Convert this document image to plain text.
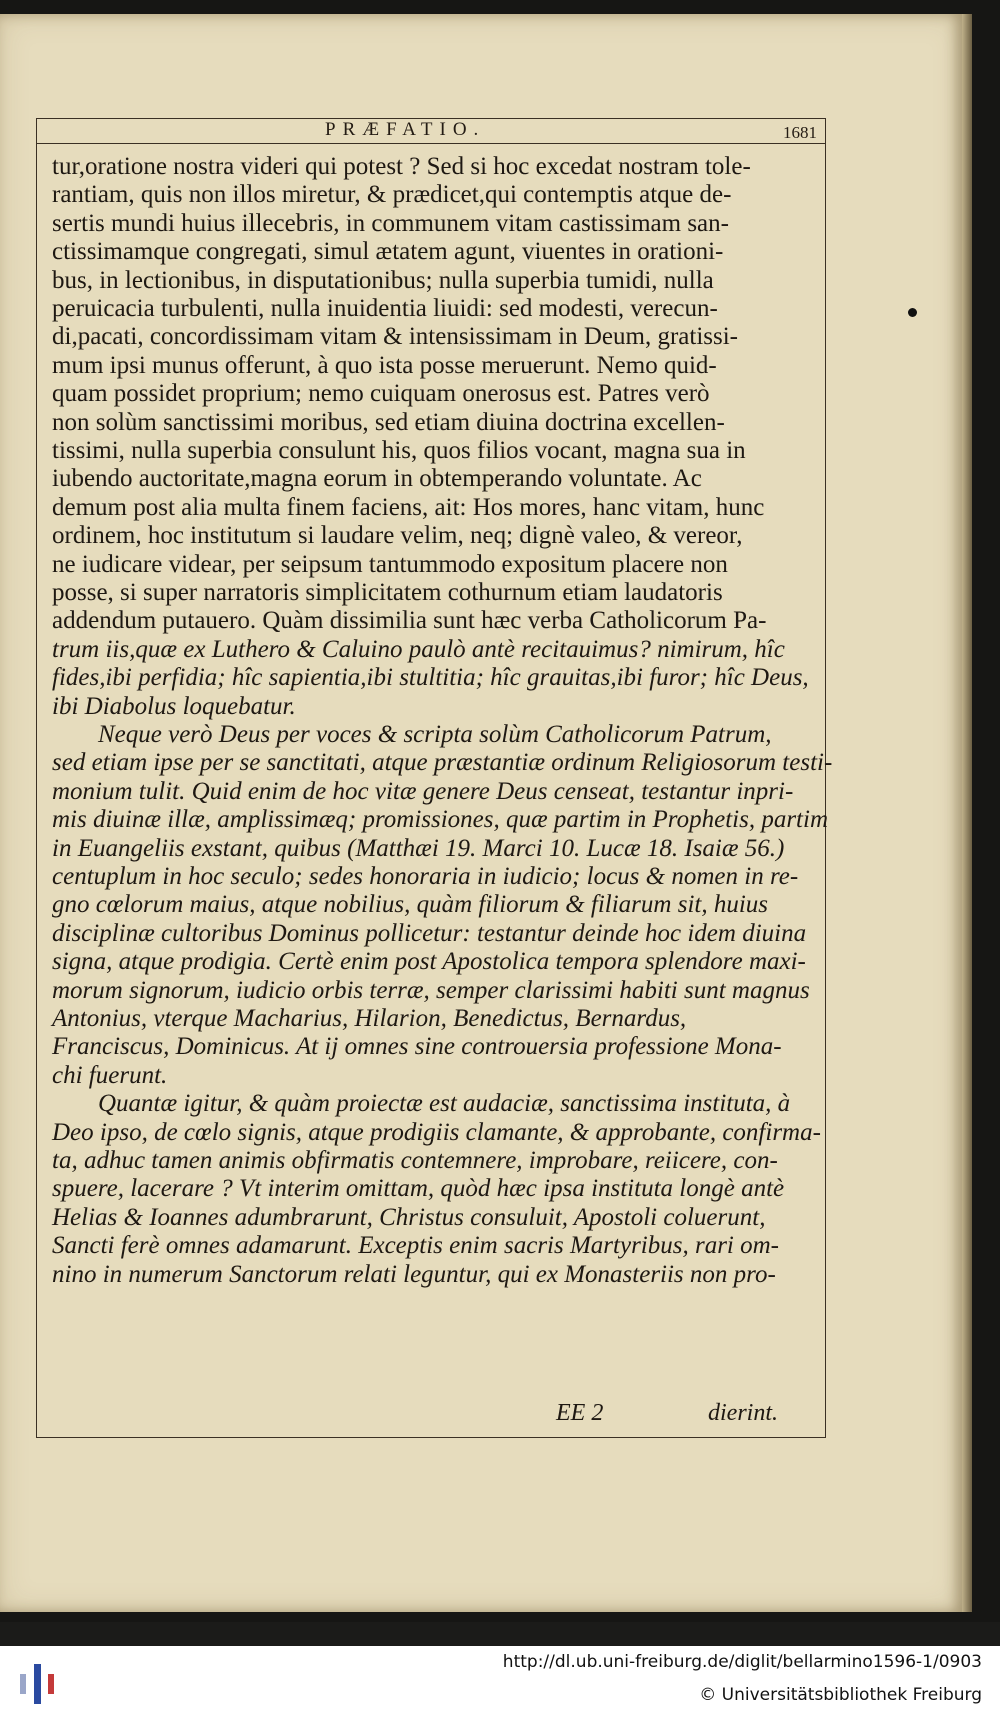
PRÆFATIO.	1681
tur,oratione nostra videri qui potest ? Sed si hoc excedat nostram tole-
rantiam, quis non illos miretur, & prædicet,qui contemptis atque de-
sertis mundi huius illecebris, in communem vitam castissimam san-
ctissimamque congregati, simul ætatem agunt, viuentes in orationi-
bus, in lectionibus, in disputationibus; nulla superbia tumidi, nulla
peruicacia turbulenti, nulla inuidentia liuidi: sed modesti, verecun-
di,pacati, concordissimam vitam & intensissimam in Deum, gratissi-
mum ipsi munus offerunt, à quo ista posse meruerunt. Nemo quid-
quam possidet proprium; nemo cuiquam onerosus est. Patres verò
non solùm sanctissimi moribus, sed etiam diuina doctrina excellen-
tissimi, nulla superbia consulunt his, quos filios vocant, magna sua in
iubendo auctoritate,magna eorum in obtemperando voluntate. Ac
demum post alia multa finem faciens, ait: Hos mores, hanc vitam, hunc
ordinem, hoc institutum si laudare velim, neq; dignè valeo, & vereor,
ne iudicare videar, per seipsum tantummodo expositum placere non
posse, si super narratoris simplicitatem cothurnum etiam laudatoris
addendum putauero. Quàm dissimilia sunt hæc verba Catholicorum Pa-
trum iis,quæ ex Luthero & Caluino paulò antè recitauimus? nimirum, hîc
fides,ibi perfidia; hîc sapientia,ibi stultitia; hîc grauitas,ibi furor; hîc Deus,
ibi Diabolus loquebatur.
Neque verò Deus per voces & scripta solùm Catholicorum Patrum,
sed etiam ipse per se sanctitati, atque præstantiæ ordinum Religiosorum testi-
monium tulit. Quid enim de hoc vitæ genere Deus censeat, testantur inpri-
mis diuinæ illæ, amplissimæq; promissiones, quæ partim in Prophetis, partim
in Euangeliis exstant, quibus (Matthæi 19. Marci 10. Lucæ 18. Isaiæ 56.)
centuplum in hoc seculo; sedes honoraria in iudicio; locus & nomen in re-
gno cœlorum maius, atque nobilius, quàm filiorum & filiarum sit, huius
disciplinæ cultoribus Dominus pollicetur: testantur deinde hoc idem diuina
signa, atque prodigia. Certè enim post Apostolica tempora splendore maxi-
morum signorum, iudicio orbis terræ, semper clarissimi habiti sunt magnus
Antonius, vterque Macharius, Hilarion, Benedictus, Bernardus,
Franciscus, Dominicus. At ij omnes sine controuersia professione Mona-
chi fuerunt.
Quantæ igitur, & quàm proiectæ est audaciæ, sanctissima instituta, à
Deo ipso, de cœlo signis, atque prodigiis clamante, & approbante, confirma-
ta, adhuc tamen animis obfirmatis contemnere, improbare, reiicere, con-
spuere, lacerare ? Vt interim omittam, quòd hæc ipsa instituta longè antè
Helias & Ioannes adumbrarunt, Christus consuluit, Apostoli coluerunt,
Sancti ferè omnes adamarunt. Exceptis enim sacris Martyribus, rari om-
nino in numerum Sanctorum relati leguntur, qui ex Monasteriis non pro-
EE 2	dierint.
http://dl.ub.uni-freiburg.de/diglit/bellarmino1596-1/0903
© Universitätsbibliothek Freiburg
